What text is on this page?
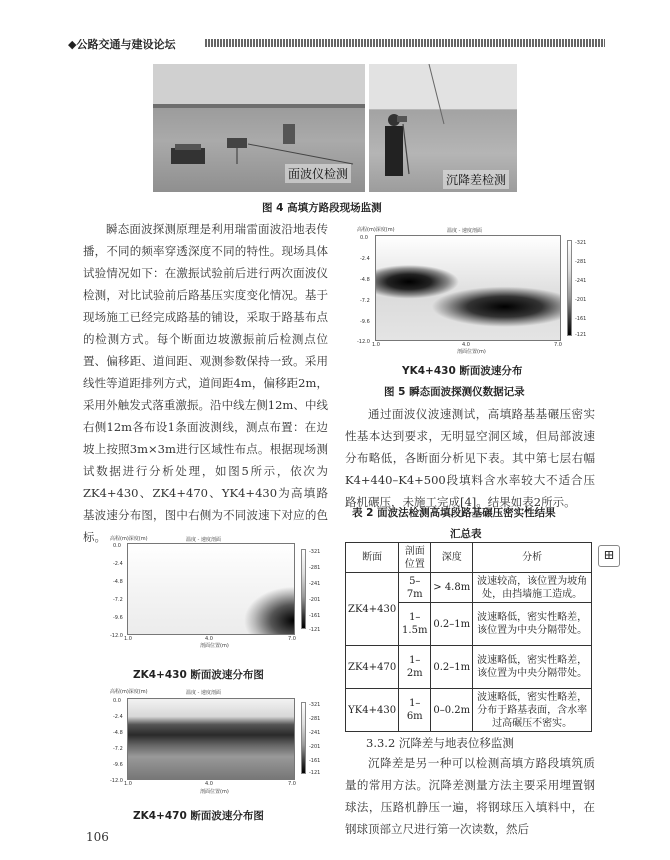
◆公路交通与建设论坛
面波仪检测	沉降差检测
图 4 高填方路段现场监测

瞬态面波探测原理是利用瑞雷面波沿地表传播，不同的频率穿透深度不同的特性。现场具体试验情况如下：在激振试验前后进行两次面波仪检测，对比试验前后路基压实度变化情况。基于现场施工已经完成路基的铺设，采取于路基布点的检测方式。每个断面边坡激振前后检测点位置、偏移距、道间距、观测参数保持一致。采用线性等道距排列方式，道间距4m，偏移距2m，采用外触发式落重激振。沿中线左侧12m、中线右侧12m各布设1条面波测线，测点布置：在边坡上按照3m×3m进行区域性布点。根据现场测试数据进行分析处理，如图5所示，依次为ZK4+430、ZK4+470、YK4+430为高填路基波速分布图，图中右侧为不同波速下对应的色标。 高程(m)深度(m)	温度 - 速度剖面
0.0
-2.4
-4.8
-7.2
-9.6
-12.0 1.0	4.0	7.0
剖面位置(m)
-321
-281
-241
-201
-161
-121
ZK4+430 断面波速分布图
高程(m)深度(m)	温度 - 速度剖面
0.0
-2.4
-4.8
-7.2
-9.6
-12.0 1.0	4.0	7.0
剖面位置(m)
-321
-281
-241
-201
-161
-121
ZK4+470 断面波速分布图
高程(m)深度(m)	温度 - 速度剖面
0.0
-2.4
-4.8
-7.2
-9.6
-12.0 1.0	4.0	7.0
剖面位置(m)
-321
-281
-241
-201
-161
-121
YK4+430 断面波速分布
图 5 瞬态面波探测仪数据记录

通过面波仪波速测试，高填路基基碾压密实性基本达到要求，无明显空洞区域，但局部波速分布略低，各断面分析见下表。其中第七层右幅K4+440–K4+500段填料含水率较大不适合压路机碾压，未施工完成[4]。结果如表2所示。

表 2 面波法检测高填段路基碾压密实性结果
汇总表
断面	剖面位置	深度	分析
ZK4+430	5–7m	> 4.8m	波速较高，该位置为坡角处，由挡墙施工造成。
	1–1.5m	0.2–1m	波速略低，密实性略差，该位置为中央分隔带处。
ZK4+470	1–2m	0.2–1m	波速略低，密实性略差，该位置为中央分隔带处。
YK4+430	1–6m	0–0.2m	波速略低，密实性略差，分布于路基表面，含水率过高碾压不密实。
⊞
3.3.2 沉降差与地表位移监测

沉降差是另一种可以检测高填方路段填筑质量的常用方法。沉降差测量方法主要采用埋置钢球法，压路机静压一遍，将钢球压入填料中，在钢球顶部立尺进行第一次读数，然后

106
